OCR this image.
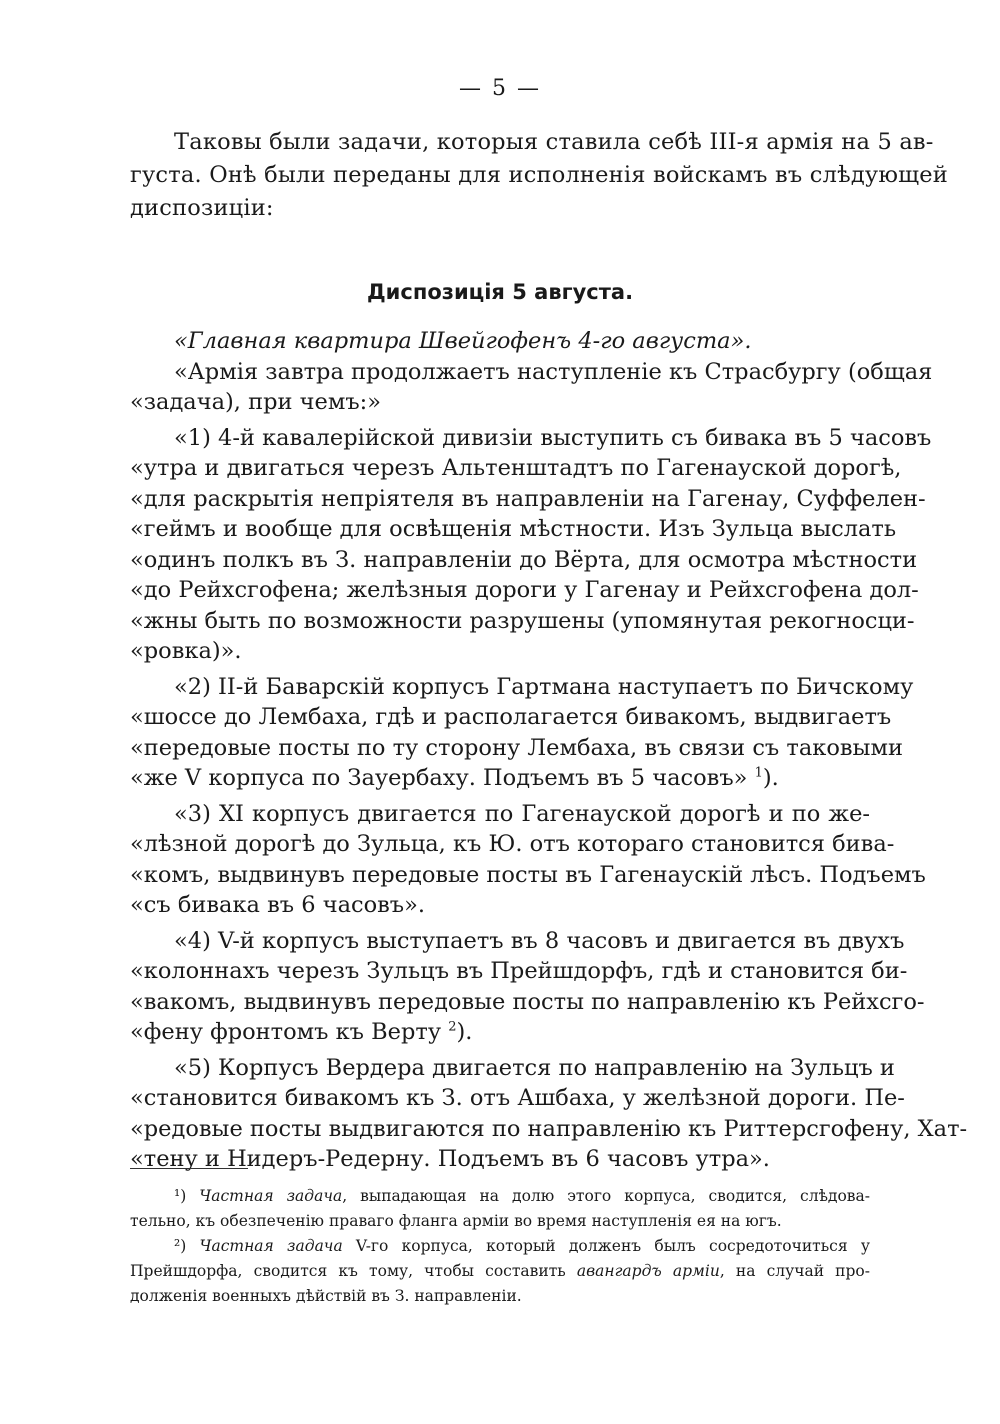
— 5 —
Таковы были задачи, которыя ставила себѣ III-я армія на 5 ав-
густа. Онѣ были переданы для исполненія войскамъ въ слѣдующей
диспозиціи:
Диспозиція 5 августа.
«Главная квартира Швейгофенъ 4-го августа».
«Армія завтра продолжаетъ наступленіе къ Страсбургу (общая
«задача), при чемъ:»
«1) 4-й кавалерійской дивизіи выступить съ бивака въ 5 часовъ
«утра и двигаться черезъ Альтенштадтъ по Гагенауской дорогѣ,
«для раскрытія непріятеля въ направленіи на Гагенау, Суффелен-
«геймъ и вообще для освѣщенія мѣстности. Изъ Зульца выслать
«одинъ полкъ въ З. направленіи до Вёрта, для осмотра мѣстности
«до Рейхсгофена; желѣзныя дороги у Гагенау и Рейхсгофена дол-
«жны быть по возможности разрушены (упомянутая рекогносци-
«ровка)».
«2) II-й Баварскій корпусъ Гартмана наступаетъ по Бичскому
«шоссе до Лембаха, гдѣ и располагается бивакомъ, выдвигаетъ
«передовые посты по ту сторону Лембаха, въ связи съ таковыми
«же V корпуса по Зауербаху. Подъемъ въ 5 часовъ» $^1$).
«3) XI корпусъ двигается по Гагенауской дорогѣ и по же-
«лѣзной дорогѣ до Зульца, къ Ю. отъ котораго становится бива-
«комъ, выдвинувъ передовые посты въ Гагенаускій лѣсъ. Подъемъ
«съ бивака въ 6 часовъ».
«4) V-й корпусъ выступаетъ въ 8 часовъ и двигается въ двухъ
«колоннахъ черезъ Зульцъ въ Прейшдорфъ, гдѣ и становится би-
«вакомъ, выдвинувъ передовые посты по направленію къ Рейхсго-
«фену фронтомъ къ Верту $^2$).
«5) Корпусъ Вердера двигается по направленію на Зульцъ и
«становится бивакомъ къ З. отъ Ашбаха, у желѣзной дороги. Пе-
«редовые посты выдвигаются по направленію къ Риттерсгофену, Хат-
«тену и Нидеръ-Редерну. Подъемъ въ 6 часовъ утра».
¹) Частная задача, выпадающая на долю этого корпуса, сводится, слѣдова-
тельно, къ обезпеченію праваго фланга арміи во время наступленія ея на югъ.
²) Частная задача V-го корпуса, который долженъ былъ сосредоточиться у
Прейшдорфа, сводится къ тому, чтобы составить авангардъ арміи, на случай про-
долженія военныхъ дѣйствій въ З. направленіи.
